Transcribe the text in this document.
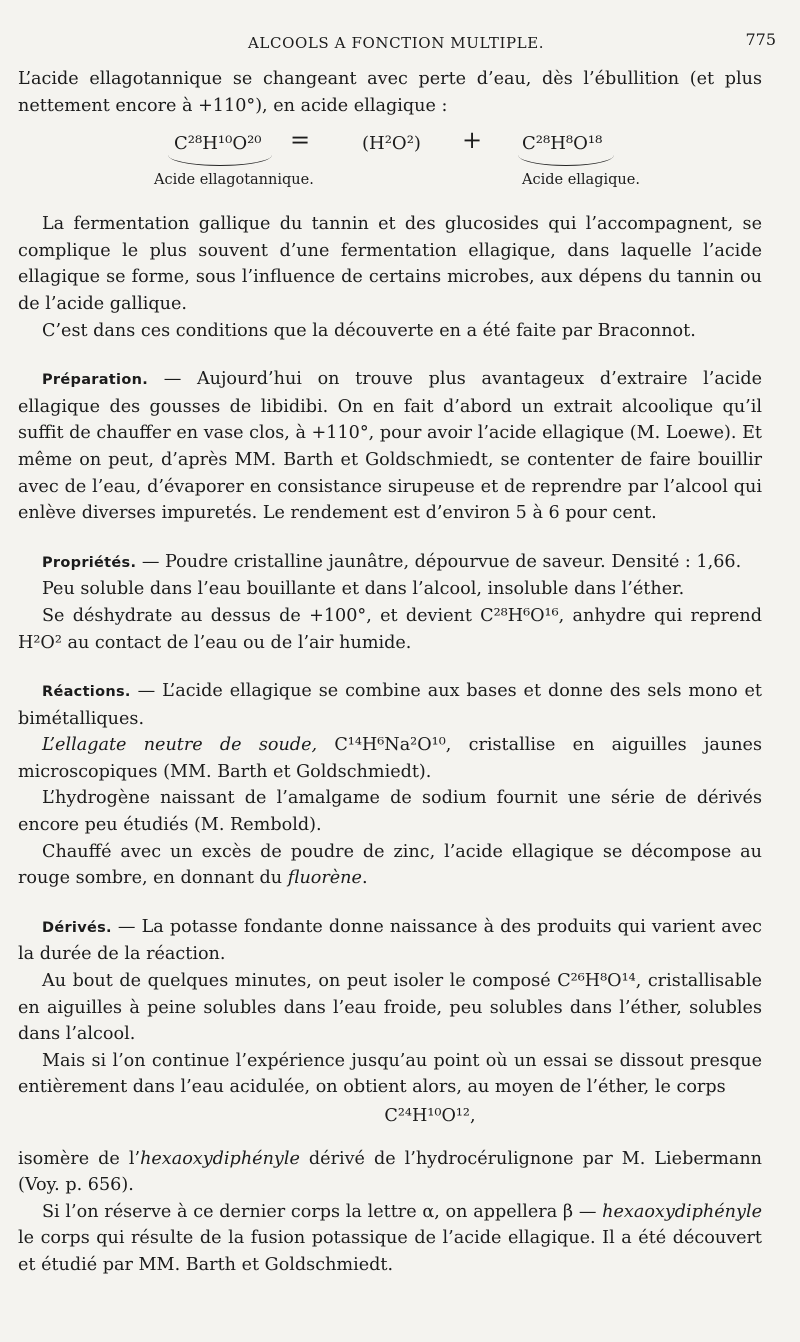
ALCOOLS A FONCTION MULTIPLE.	775

L’acide ellagotannique se changeant avec perte d’eau, dès l’ébullition (et plus nettement encore à +110°), en acide ellagique :

C²⁸H¹⁰O²⁰ =	(H²O²) + C²⁸H⁸O¹⁸
Acide ellagotannique.	Acide ellagique.

La fermentation gallique du tannin et des glucosides qui l’accompagnent, se complique le plus souvent d’une fermentation ellagique, dans laquelle l’acide ellagique se forme, sous l’influence de certains microbes, aux dépens du tannin ou de l’acide gallique.

C’est dans ces conditions que la découverte en a été faite par Braconnot.

Préparation. — Aujourd’hui on trouve plus avantageux d’extraire l’acide ellagique des gousses de libidibi. On en fait d’abord un extrait alcoolique qu’il suffit de chauffer en vase clos, à +110°, pour avoir l’acide ellagique (M. Loewe). Et même on peut, d’après MM. Barth et Goldschmiedt, se contenter de faire bouillir avec de l’eau, d’évaporer en consistance sirupeuse et de reprendre par l’alcool qui enlève diverses impuretés. Le rendement est d’environ 5 à 6 pour cent.

Propriétés. — Poudre cristalline jaunâtre, dépourvue de saveur. Densité : 1,66.

Peu soluble dans l’eau bouillante et dans l’alcool, insoluble dans l’éther.

Se déshydrate au dessus de +100°, et devient C²⁸H⁶O¹⁶, anhydre qui reprend H²O² au contact de l’eau ou de l’air humide.

Réactions. — L’acide ellagique se combine aux bases et donne des sels mono et bimétalliques.

L’ellagate neutre de soude, C¹⁴H⁶Na²O¹⁰, cristallise en aiguilles jaunes microscopiques (MM. Barth et Goldschmiedt).

L’hydrogène naissant de l’amalgame de sodium fournit une série de dérivés encore peu étudiés (M. Rembold).

Chauffé avec un excès de poudre de zinc, l’acide ellagique se décompose au rouge sombre, en donnant du fluorène.

Dérivés. — La potasse fondante donne naissance à des produits qui varient avec la durée de la réaction.

Au bout de quelques minutes, on peut isoler le composé C²⁶H⁸O¹⁴, cristallisable en aiguilles à peine solubles dans l’eau froide, peu solubles dans l’éther, solubles dans l’alcool.

Mais si l’on continue l’expérience jusqu’au point où un essai se dissout presque entièrement dans l’eau acidulée, on obtient alors, au moyen de l’éther, le corps

C²⁴H¹⁰O¹²,

isomère de l’hexaoxydiphényle dérivé de l’hydrocérulignone par M. Liebermann (Voy. p. 656).

Si l’on réserve à ce dernier corps la lettre α, on appellera β — hexaoxydiphényle le corps qui résulte de la fusion potassique de l’acide ellagique. Il a été découvert et étudié par MM. Barth et Goldschmiedt.
